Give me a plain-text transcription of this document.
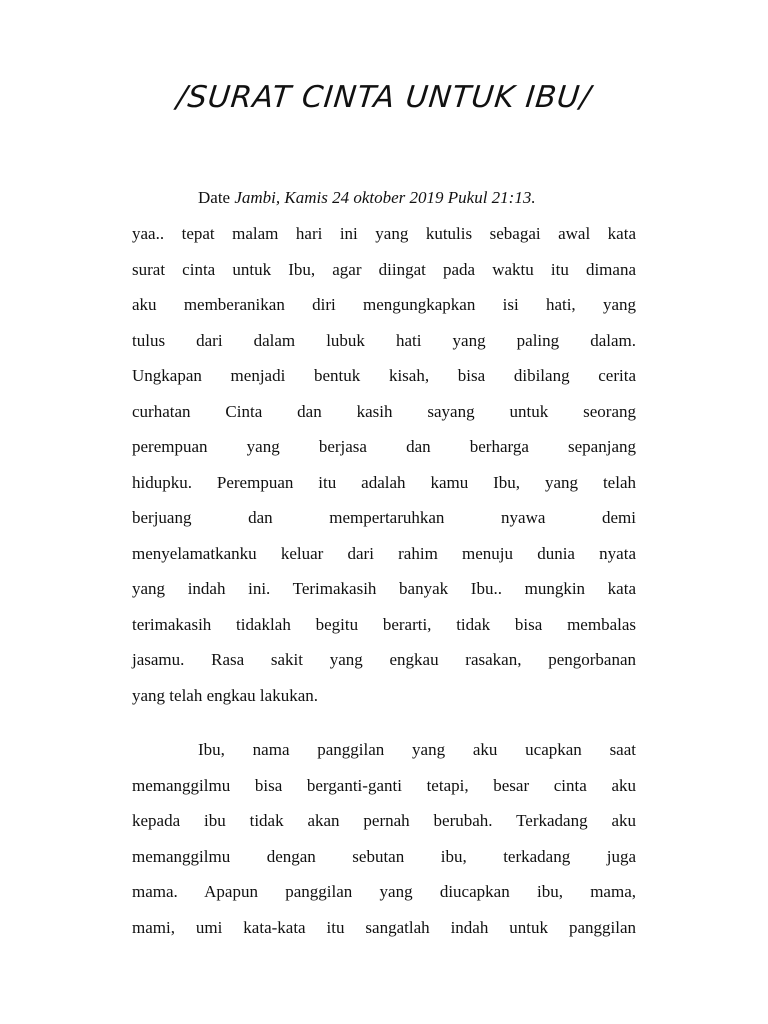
/SURAT CINTA UNTUK IBU/
Date Jambi, Kamis 24 oktober 2019 Pukul 21:13.
yaa.. tepat malam hari ini yang kutulis sebagai awal kata
surat cinta untuk Ibu, agar diingat pada waktu itu dimana
aku memberanikan diri mengungkapkan isi hati, yang
tulus dari dalam lubuk hati yang paling dalam.
Ungkapan menjadi bentuk kisah, bisa dibilang cerita
curhatan Cinta dan kasih sayang untuk seorang
perempuan yang berjasa dan berharga sepanjang
hidupku. Perempuan itu adalah kamu Ibu, yang telah
berjuang dan mempertaruhkan nyawa demi
menyelamatkanku keluar dari rahim menuju dunia nyata
yang indah ini. Terimakasih banyak Ibu.. mungkin kata
terimakasih tidaklah begitu berarti, tidak bisa membalas
jasamu. Rasa sakit yang engkau rasakan, pengorbanan
yang telah engkau lakukan.
Ibu, nama panggilan yang aku ucapkan saat
memanggilmu bisa berganti-ganti tetapi, besar cinta aku
kepada ibu tidak akan pernah berubah. Terkadang aku
memanggilmu dengan sebutan ibu, terkadang juga
mama. Apapun panggilan yang diucapkan ibu, mama,
mami, umi kata-kata itu sangatlah indah untuk panggilan
